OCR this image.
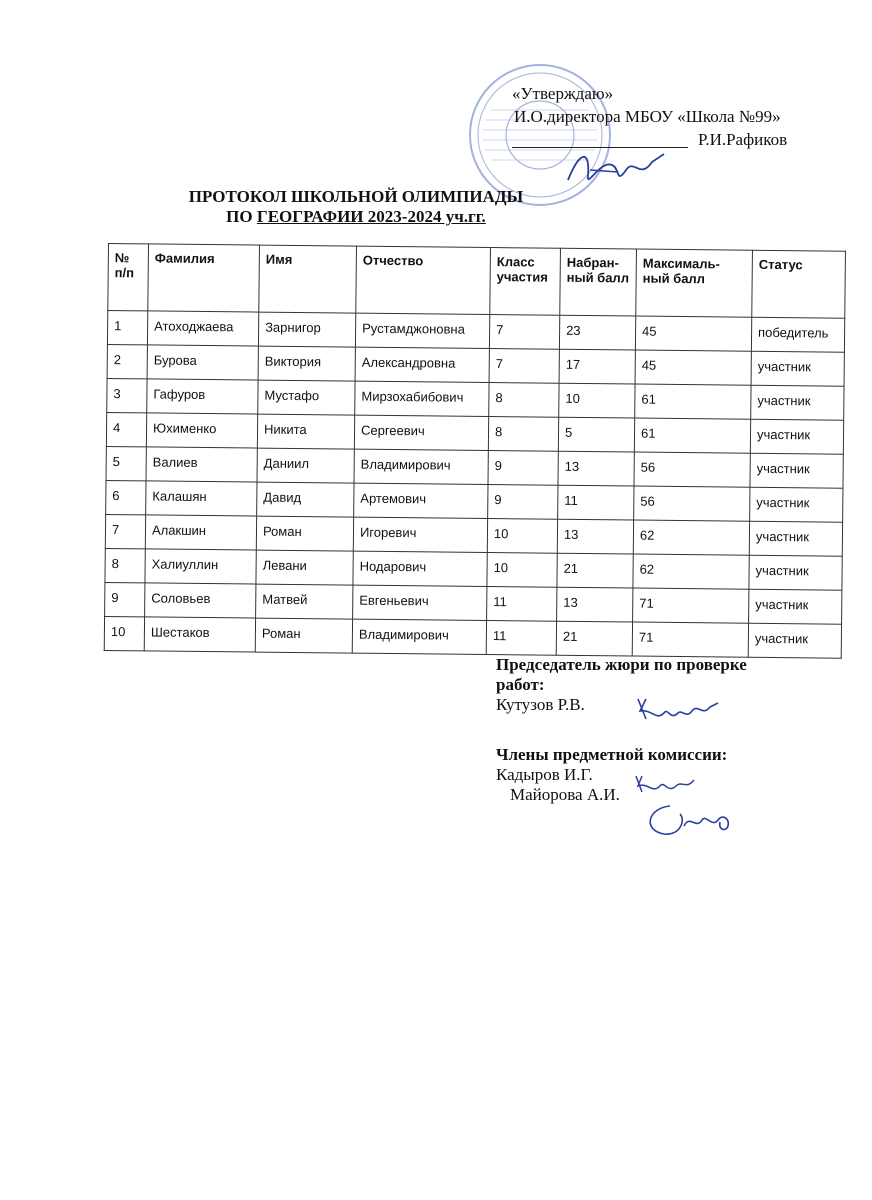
«Утверждаю»
И.О.директора МБОУ «Школа №99»
Р.И.Рафиков
ПРОТОКОЛ ШКОЛЬНОЙ ОЛИМПИАДЫ
ПО ГЕОГРАФИИ 2023-2024 уч.гг.
№ п/п	Фамилия	Имя	Отчество	Класс участия	Набран-ный балл	Максималь-ный балл	Статус
1	Атоходжаева	Зарнигор	Рустамджоновна	7	23	45	победитель
2	Бурова	Виктория	Александровна	7	17	45	участник
3	Гафуров	Мустафо	Мирзохабибович	8	10	61	участник
4	Юхименко	Никита	Сергеевич	8	5	61	участник
5	Валиев	Даниил	Владимирович	9	13	56	участник
6	Калашян	Давид	Артемович	9	11	56	участник
7	Алакшин	Роман	Игоревич	10	13	62	участник
8	Халиуллин	Левани	Нодарович	10	21	62	участник
9	Соловьев	Матвей	Евгеньевич	11	13	71	участник
10	Шестаков	Роман	Владимирович	11	21	71	участник
Председатель жюри по проверке
работ:
Кутузов Р.В.
Члены предметной комиссии:
Кадыров И.Г.
Майорова А.И.
